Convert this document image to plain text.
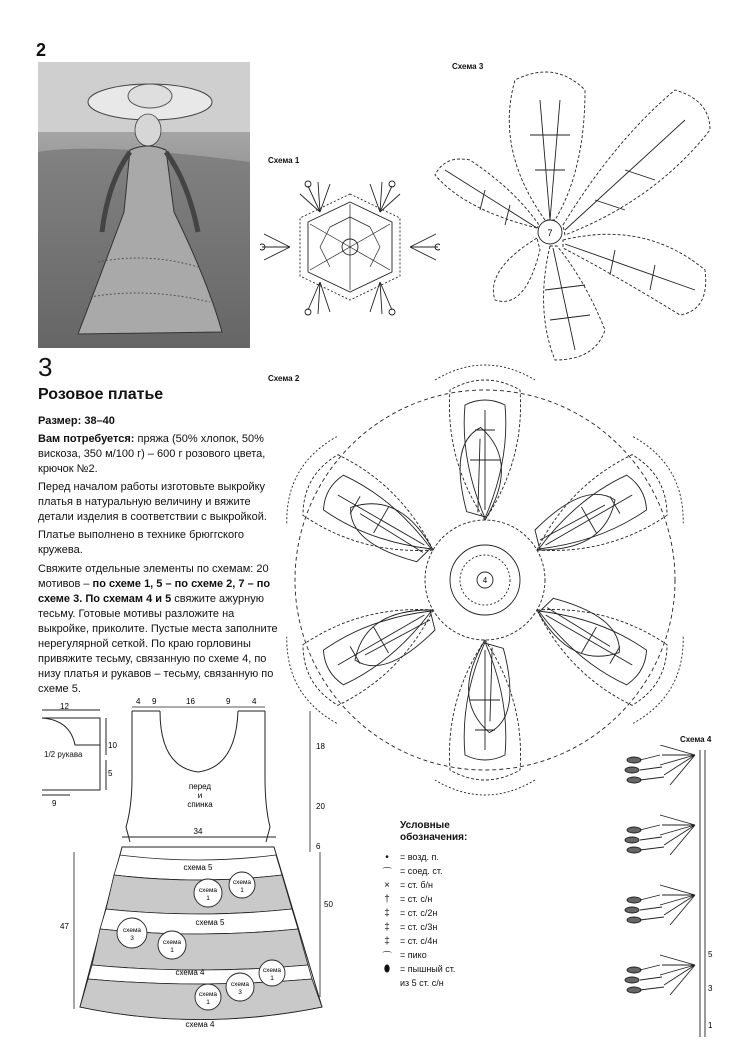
2
3
Розовое платье
Размер: 38–40
Вам потребуется: пряжа (50% хлопок, 50% вискоза, 350 м/100 г) – 600 г розового цвета, крючок №2.
Перед началом работы изготовьте выкройку платья в натуральную величину и вяжите детали изделия в соответствии с выкройкой.
Платье выполнено в технике брюггского кружева.
Свяжите отдельные элементы по схемам: 20 мотивов – по схеме 1, 5 – по схеме 2, 7 – по схеме 3. По схемам 4 и 5 свяжите ажурную тесьму. Готовые мотивы разложите на выкройке, приколите. Пустые места заполните нерегулярной сеткой. По краю горловины привяжите тесьму, связанную по схеме 4, по низу платья и рукавов – тесьму, связанную по схеме 5.
Схема 1
Схема 2
Схема 3
Схема 4
7
4
5
3
1
12
10
5
9
1/2 рукава
4 9	16	9	4
схема
1
схема
1
схема
3
схема
1
схема
1
схема
3
схема
1
схема 5
схема 5
схема 4
схема 4
перед
и
спинка
34
18
20
6
50
47
Условные
обозначения:
•	= возд. п.
⌒ = соед. ст.
×	= ст. б/н
†	= ст. с/н
‡	= ст. с/2н
‡	= ст. с/3н
‡	= ст. с/4н
⌒ = пико
⬮	= пышный ст.
из 5 ст. с/н
